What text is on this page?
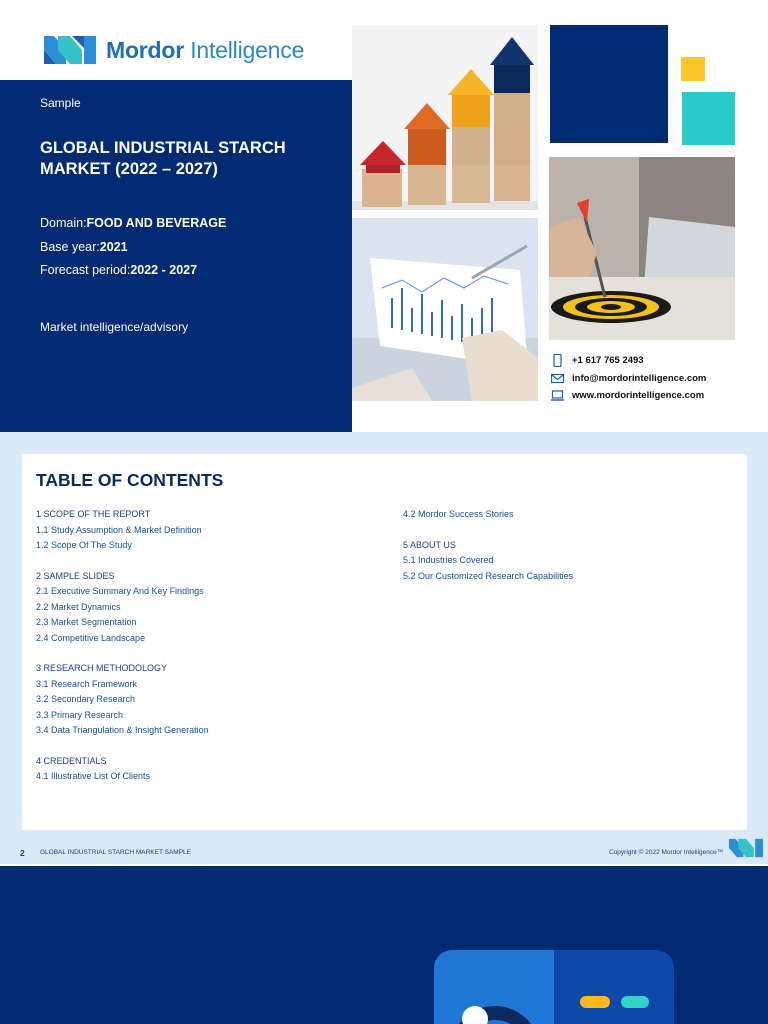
Mordor Intelligence
Sample
GLOBAL INDUSTRIAL STARCH MARKET (2022 – 2027)
Domain:FOOD AND BEVERAGE
Base year:2021
Forecast period:2022 - 2027
Market intelligence/advisory
+1 617 765 2493
info@mordorintelligence.com
www.mordorintelligence.com
TABLE OF CONTENTS
1 SCOPE OF THE REPORT
1.1 Study Assumption & Market Definition
1.2 Scope Of The Study
2 SAMPLE SLIDES
2.1 Executive Summary And Key Findings
2.2 Market Dynamics
2.3 Market Segmentation
2.4 Competitive Landscape
3 RESEARCH METHODOLOGY
3.1 Research Framework
3.2 Secondary Research
3.3 Primary Research
3.4 Data Triangulation & Insight Generation
4 CREDENTIALS
4.1 Illustrative List Of Clients
4.2 Mordor Success Stories
5 ABOUT US
5.1 Industries Covered
5.2 Our Customized Research Capabilities
2 GLOBAL INDUSTRIAL STARCH MARKET SAMPLE	Copyright © 2022 Mordor Intelligence™
